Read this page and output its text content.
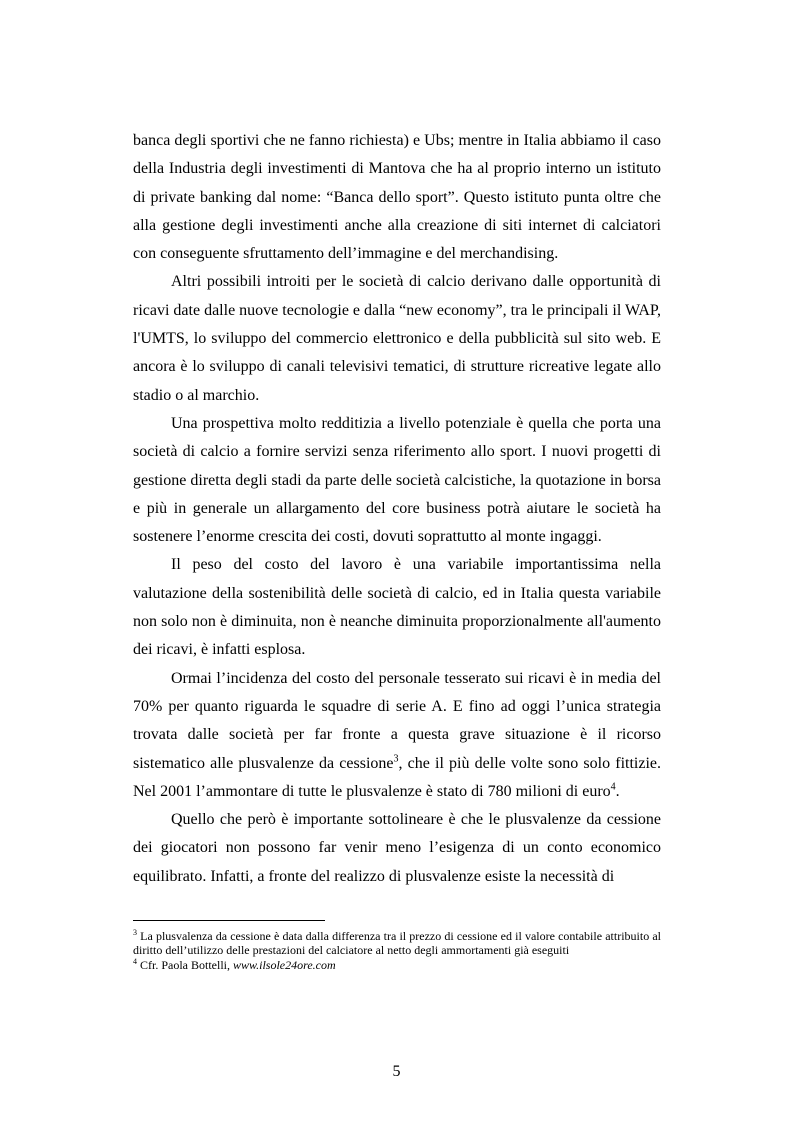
banca degli sportivi che ne fanno richiesta) e Ubs; mentre in Italia abbiamo il caso della Industria degli investimenti di Mantova che ha al proprio interno un istituto di private banking dal nome: “Banca dello sport”. Questo istituto punta oltre che alla gestione degli investimenti anche alla creazione di siti internet di calciatori con conseguente sfruttamento dell’immagine e del merchandising.

Altri possibili introiti per le società di calcio derivano dalle opportunità di ricavi date dalle nuove tecnologie e dalla “new economy”, tra le principali il WAP, l'UMTS, lo sviluppo del commercio elettronico e della pubblicità sul sito web. E ancora è lo sviluppo di canali televisivi tematici, di strutture ricreative legate allo stadio o al marchio.

Una prospettiva molto redditizia a livello potenziale è quella che porta una società di calcio a fornire servizi senza riferimento allo sport. I nuovi progetti di gestione diretta degli stadi da parte delle società calcistiche, la quotazione in borsa e più in generale un allargamento del core business potrà aiutare le società ha sostenere l’enorme crescita dei costi, dovuti soprattutto al monte ingaggi.

Il peso del costo del lavoro è una variabile importantissima nella valutazione della sostenibilità delle società di calcio, ed in Italia questa variabile non solo non è diminuita, non è neanche diminuita proporzionalmente all'aumento dei ricavi, è infatti esplosa.

Ormai l’incidenza del costo del personale tesserato sui ricavi è in media del 70% per quanto riguarda le squadre di serie A. E fino ad oggi l’unica strategia trovata dalle società per far fronte a questa grave situazione è il ricorso sistematico alle plusvalenze da cessione$^3$, che il più delle volte sono solo fittizie. Nel 2001 l’ammontare di tutte le plusvalenze è stato di 780 milioni di euro$^4$.

Quello che però è importante sottolineare è che le plusvalenze da cessione dei giocatori non possono far venir meno l’esigenza di un conto economico equilibrato. Infatti, a fronte del realizzo di plusvalenze esiste la necessità di

$^3$ La plusvalenza da cessione è data dalla differenza tra il prezzo di cessione ed il valore contabile attribuito al diritto dell’utilizzo delle prestazioni del calciatore al netto degli ammortamenti già eseguiti

$^4$ Cfr. Paola Bottelli, www.ilsole24ore.com

5
